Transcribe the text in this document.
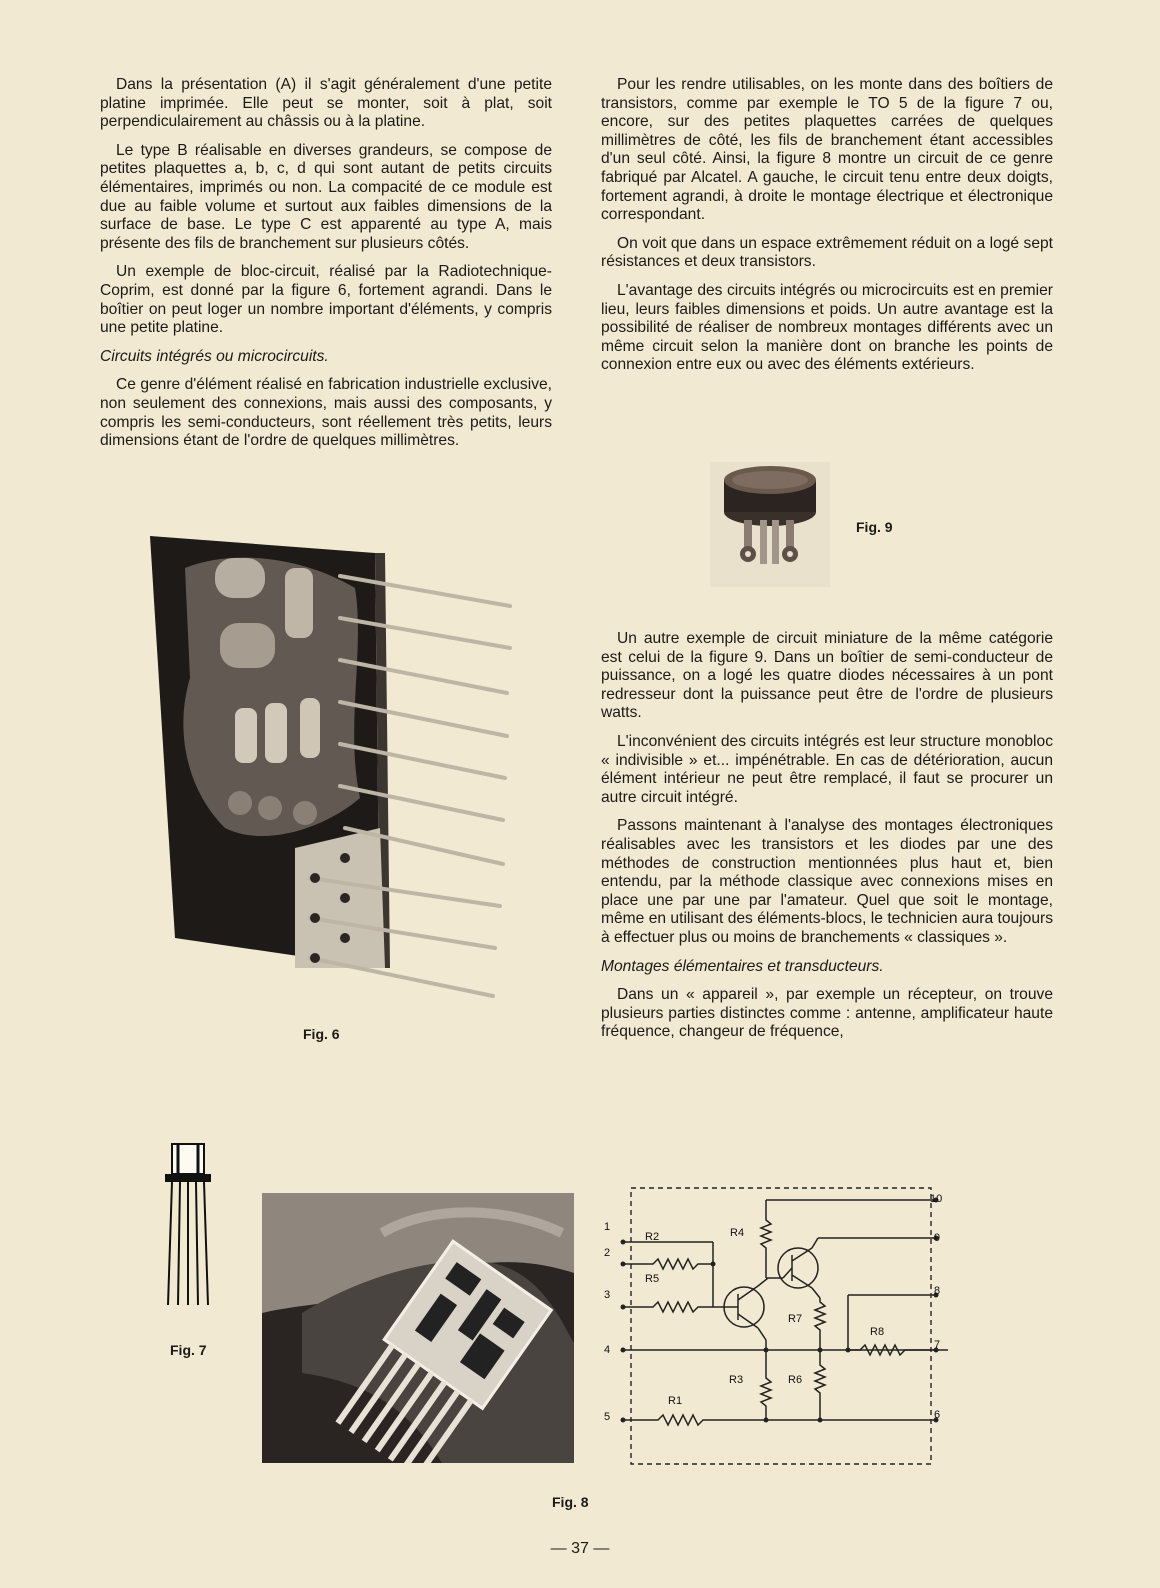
Dans la présentation (A) il s'agit généralement d'une petite platine imprimée. Elle peut se monter, soit à plat, soit perpendiculairement au châssis ou à la platine.

Le type B réalisable en diverses grandeurs, se compose de petites plaquettes a, b, c, d qui sont autant de petits circuits élémentaires, imprimés ou non. La compacité de ce module est due au faible volume et surtout aux faibles dimensions de la surface de base. Le type C est apparenté au type A, mais présente des fils de branchement sur plusieurs côtés.

Un exemple de bloc-circuit, réalisé par la Radiotechnique-Coprim, est donné par la figure 6, fortement agrandi. Dans le boîtier on peut loger un nombre important d'éléments, y compris une petite platine.

Circuits intégrés ou microcircuits.

Ce genre d'élément réalisé en fabrication industrielle exclusive, non seulement des connexions, mais aussi des composants, y compris les semi-conducteurs, sont réellement très petits, leurs dimensions étant de l'ordre de quelques millimètres.

Pour les rendre utilisables, on les monte dans des boîtiers de transistors, comme par exemple le TO 5 de la figure 7 ou, encore, sur des petites plaquettes carrées de quelques millimètres de côté, les fils de branchement étant accessibles d'un seul côté. Ainsi, la figure 8 montre un circuit de ce genre fabriqué par Alcatel. A gauche, le circuit tenu entre deux doigts, fortement agrandi, à droite le montage électrique et électronique correspondant.

On voit que dans un espace extrêmement réduit on a logé sept résistances et deux transistors.

L'avantage des circuits intégrés ou microcircuits est en premier lieu, leurs faibles dimensions et poids. Un autre avantage est la possibilité de réaliser de nombreux montages différents avec un même circuit selon la manière dont on branche les points de connexion entre eux ou avec des éléments extérieurs.

Fig. 9

Un autre exemple de circuit miniature de la même catégorie est celui de la figure 9. Dans un boîtier de semi-conducteur de puissance, on a logé les quatre diodes nécessaires à un pont redresseur dont la puissance peut être de l'ordre de plusieurs watts.

L'inconvénient des circuits intégrés est leur structure monobloc « indivisible » et... impénétrable. En cas de détérioration, aucun élément intérieur ne peut être remplacé, il faut se procurer un autre circuit intégré.

Passons maintenant à l'analyse des montages électroniques réalisables avec les transistors et les diodes par une des méthodes de construction mentionnées plus haut et, bien entendu, par la méthode classique avec connexions mises en place une par une par l'amateur. Quel que soit le montage, même en utilisant des éléments-blocs, le technicien aura toujours à effectuer plus ou moins de branchements « classiques ».

Montages élémentaires et transducteurs.

Dans un « appareil », par exemple un récepteur, on trouve plusieurs parties distinctes comme : antenne, amplificateur haute fréquence, changeur de fréquence,

Fig. 6
Fig. 7
Fig. 8
1
2
3
4
5	6
7
8
9
10
R1
R2
R3
R4
R5
R6
R7
R8
— 37 —
